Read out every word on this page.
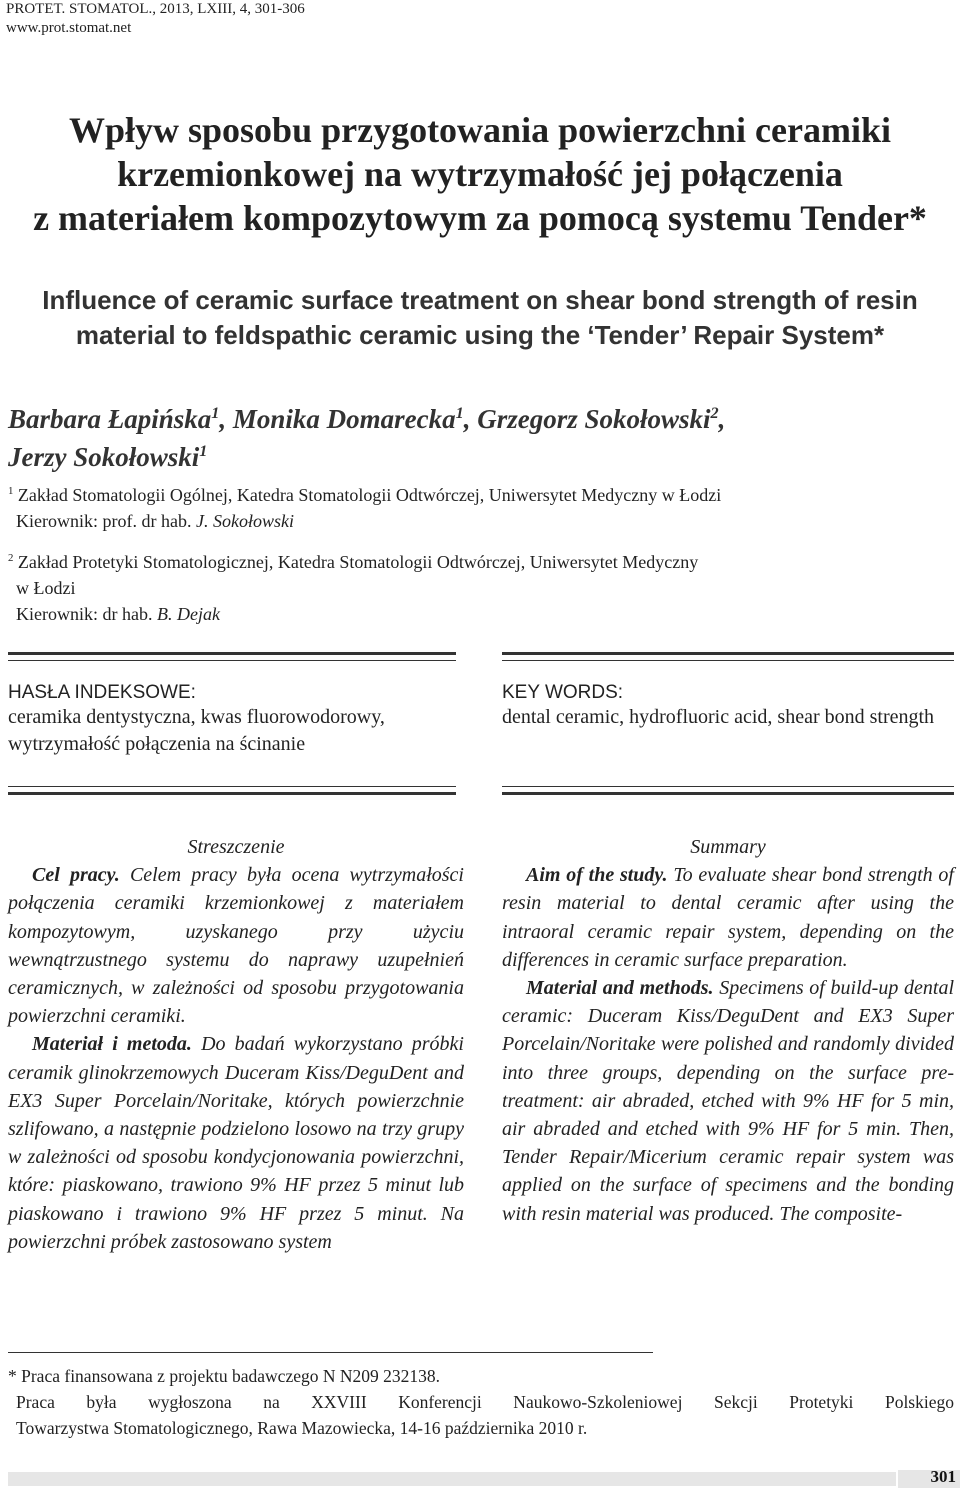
PROTET. STOMATOL., 2013, LXIII, 4, 301-306
www.prot.stomat.net
Wpływ sposobu przygotowania powierzchni ceramiki
krzemionkowej na wytrzymałość jej połączenia
z materiałem kompozytowym za pomocą systemu Tender*
Influence of ceramic surface treatment on shear bond strength of resin
material to feldspathic ceramic using the ‘Tender’ Repair System*
Barbara Łapińska$^1$, Monika Domarecka$^1$, Grzegorz Sokołowski$^2$,
Jerzy Sokołowski$^1$
$^1$ Zakład Stomatologii Ogólnej, Katedra Stomatologii Odtwórczej, Uniwersytet Medyczny w Łodzi
Kierownik: prof. dr hab. J. Sokołowski
$^2$ Zakład Protetyki Stomatologicznej, Katedra Stomatologii Odtwórczej, Uniwersytet Medyczny
w Łodzi
Kierownik: dr hab. B. Dejak
HASŁA INDEKSOWE:
ceramika dentystyczna, kwas fluorowodorowy, wytrzymałość połączenia na ścinanie
KEY WORDS:
dental ceramic, hydrofluoric acid, shear bond strength

Streszczenie

Cel pracy. Celem pracy była ocena wytrzymałości połączenia ceramiki krzemionkowej z materiałem kompozytowym, uzyskanego przy użyciu wewnątrzustnego systemu do naprawy uzupełnień ceramicznych, w zależności od sposobu przygotowania powierzchni ceramiki.

Materiał i metoda. Do badań wykorzystano próbki ceramik glinokrzemowych Duceram Kiss/DeguDent and EX3 Super Porcelain/Noritake, których powierzchnie szlifowano, a następnie podzielono losowo na trzy grupy w zależności od sposobu kondycjonowania powierzchni, które: piaskowano, trawiono 9% HF przez 5 minut lub piaskowano i trawiono 9% HF przez 5 minut. Na powierzchni próbek zastosowano system

Summary

Aim of the study. To evaluate shear bond strength of resin material to dental ceramic after using the intraoral ceramic repair system, depending on the differences in ceramic surface preparation.

Material and methods. Specimens of build-up dental ceramic: Duceram Kiss/DeguDent and EX3 Super Porcelain/Noritake were polished and randomly divided into three groups, depending on the surface pre-treatment: air abraded, etched with 9% HF for 5 min, air abraded and etched with 9% HF for 5 min. Then, Tender Repair/Micerium ceramic repair system was applied on the surface of specimens and the bonding with resin material was produced. The composite-

* Praca finansowana z projektu badawczego N N209 232138.
Praca była wygłoszona na XXVIII Konferencji Naukowo-Szkoleniowej Sekcji Protetyki Polskiego
Towarzystwa Stomatologicznego, Rawa Mazowiecka, 14-16 października 2010 r.
301
